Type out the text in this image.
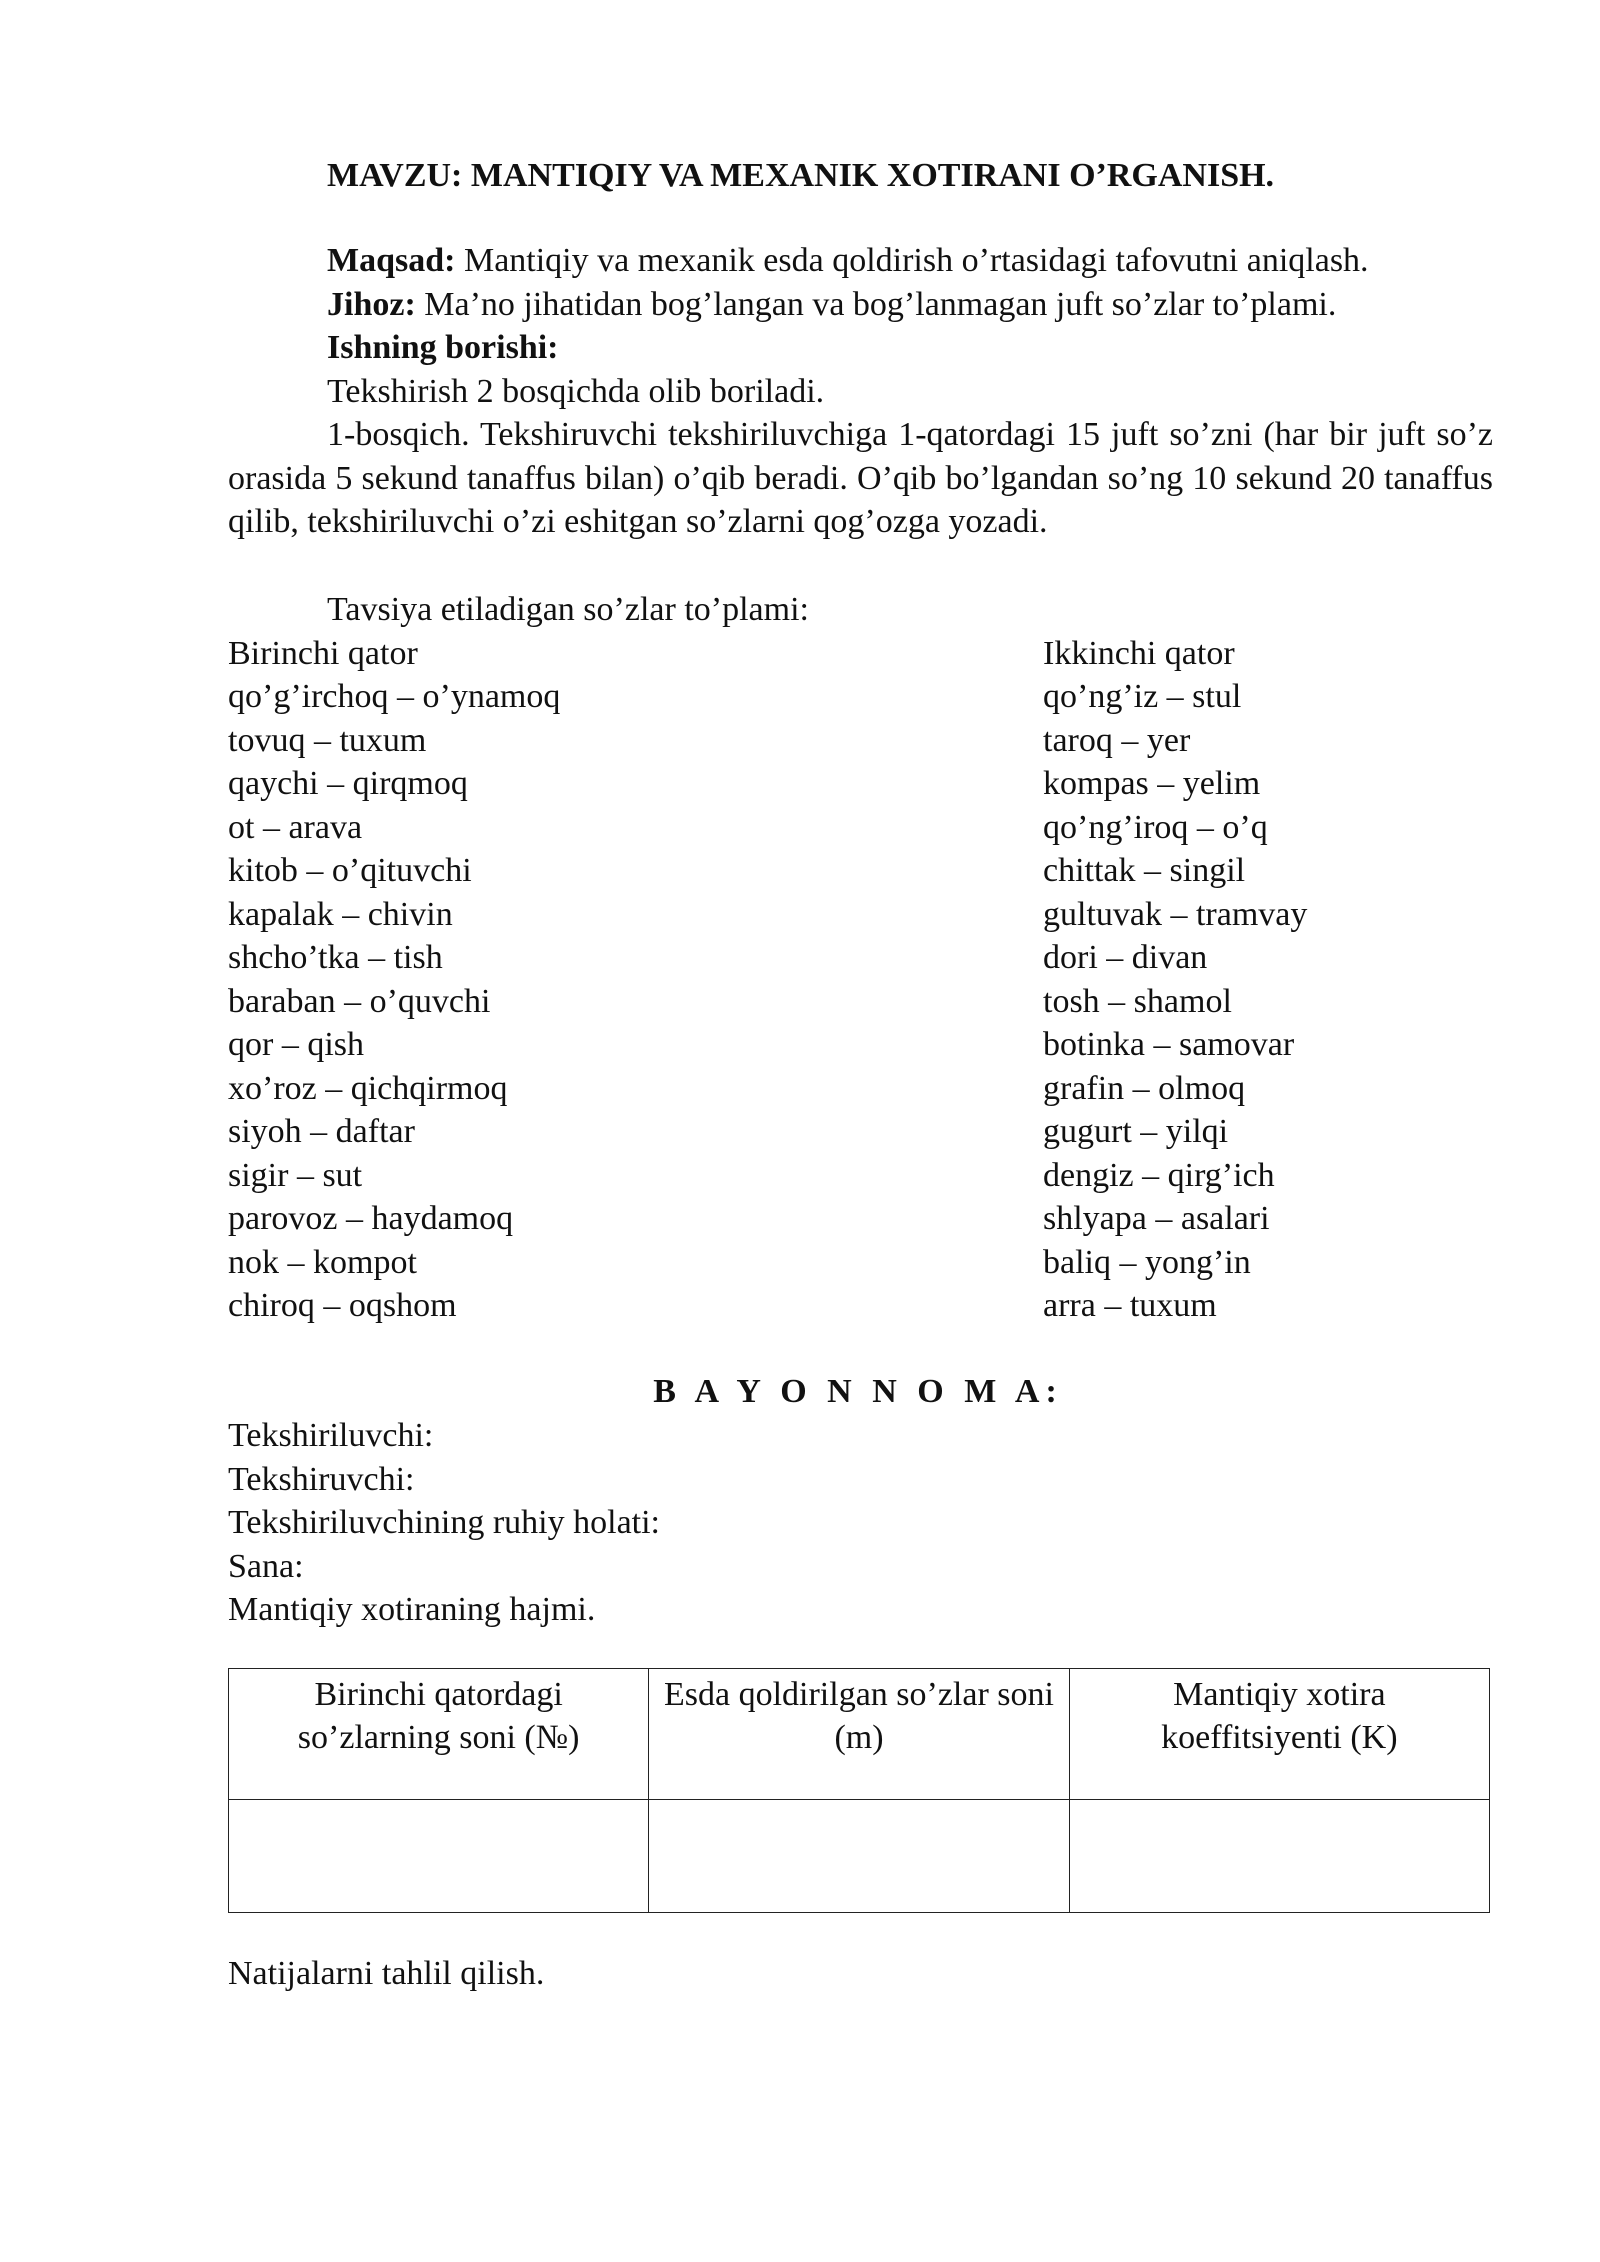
MAVZU: MANTIQIY VA MEXANIK XOTIRANI O’RGANISH.
Maqsad: Mantiqiy va mexanik esda qoldirish o’rtasidagi tafovutni aniqlash.
Jihoz: Ma’no jihatidan bog’langan va bog’lanmagan juft so’zlar to’plami.
Ishning borishi:
Tekshirish 2 bosqichda olib boriladi.
1-bosqich. Tekshiruvchi tekshiriluvchiga 1-qatordagi 15 juft so’zni (har bir juft so’z orasida 5 sekund tanaffus bilan) o’qib beradi. O’qib bo’lgandan so’ng 10 sekund 20 tanaffus qilib, tekshiriluvchi o’zi eshitgan so’zlarni qog’ozga yozadi.
Tavsiya etiladigan so’zlar to’plami:
Birinchi qator	Ikkinchi qator
qo’g’irchoq – o’ynamoq	qo’ng’iz – stul
tovuq – tuxum	taroq – yer
qaychi – qirqmoq	kompas – yelim
ot – arava	qo’ng’iroq – o’q
kitob – o’qituvchi	chittak – singil
kapalak – chivin	gultuvak – tramvay
shcho’tka – tish	dori – divan
baraban – o’quvchi	tosh – shamol
qor – qish	botinka – samovar
xo’roz – qichqirmoq	grafin – olmoq
siyoh – daftar	gugurt – yilqi
sigir – sut	dengiz – qirg’ich
parovoz – haydamoq	shlyapa – asalari
nok – kompot	baliq – yong’in
chiroq – oqshom	arra – tuxum
B A Y O N N O M A:
Tekshiriluvchi:
Tekshiruvchi:
Tekshiriluvchining ruhiy holati:
Sana:
Mantiqiy xotiraning hajmi.
Birinchi qatordagi so’zlarning soni (№)	Esda qoldirilgan so’zlar soni (m)	Mantiqiy xotira koeffitsiyenti (K)

Natijalarni tahlil qilish.
